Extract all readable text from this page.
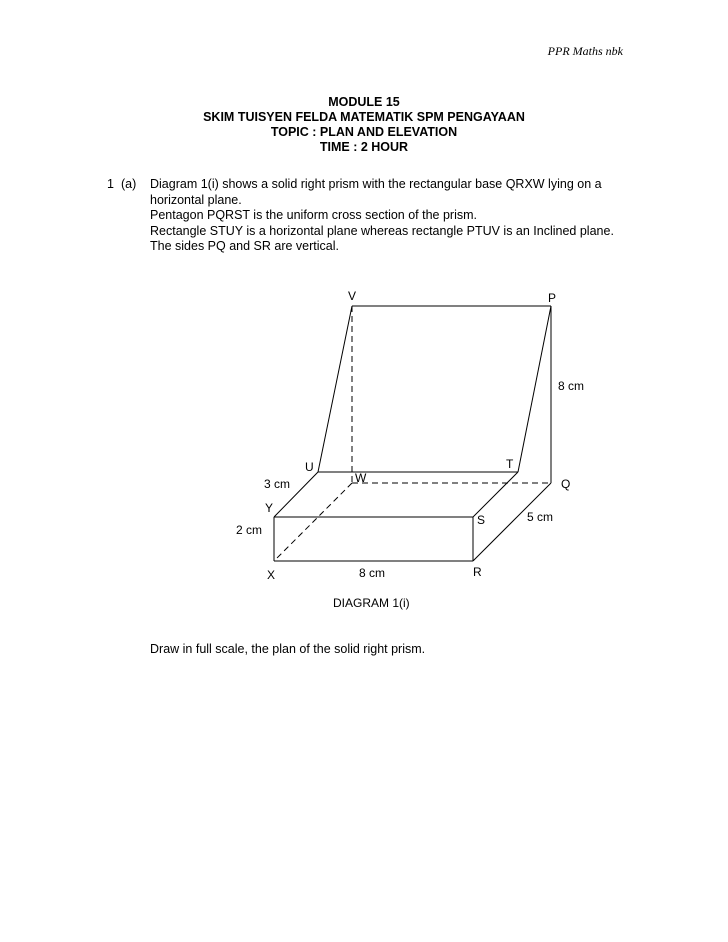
PPR Maths nbk
MODULE 15
SKIM TUISYEN FELDA MATEMATIK SPM PENGAYAAN
TOPIC : PLAN AND ELEVATION
TIME : 2 HOUR
1 (a) Diagram 1(i) shows a solid right prism with the rectangular base QRXW lying on a horizontal plane.

Pentagon PQRST is the uniform cross section of the prism.

Rectangle STUY is a horizontal plane whereas rectangle PTUV is an Inclined plane.

The sides PQ and SR are vertical.

V	P
U	T
W	Q
Y
S
X	R
8 cm
3 cm
5 cm
2 cm
8 cm
DIAGRAM 1(i)
Draw in full scale, the plan of the solid right prism.
